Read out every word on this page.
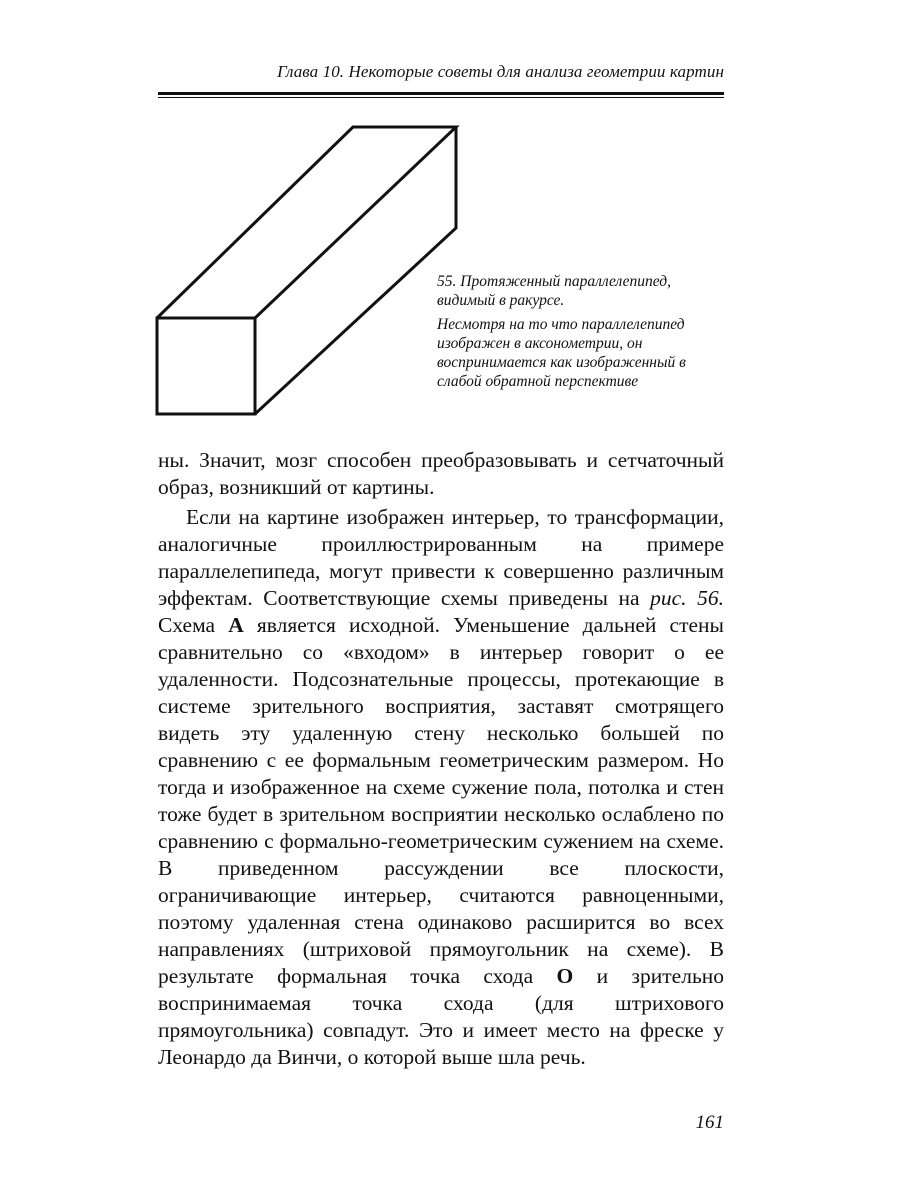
Глава 10. Некоторые советы для анализа геометрии картин

55. Протяженный параллелепипед, видимый в ракурсе.

Несмотря на то что параллелепипед изображен в аксонометрии, он воспринимается как изображенный в слабой обратной перспективе

ны. Значит, мозг способен преобразовывать и сетчаточный образ, возникший от картины.

Если на картине изображен интерьер, то трансформации, аналогичные проиллюстрированным на примере параллелепипеда, могут привести к совершенно различным эффектам. Соответствующие схемы приведены на рис. 56. Схема А является исходной. Уменьшение дальней стены сравнительно со «входом» в интерьер говорит о ее удаленности. Подсознательные процессы, протекающие в системе зрительного восприятия, заставят смотрящего видеть эту удаленную стену несколько большей по сравнению с ее формальным геометрическим размером. Но тогда и изображенное на схеме сужение пола, потолка и стен тоже будет в зрительном восприятии несколько ослаблено по сравнению с формально-геометрическим сужением на схеме. В приведенном рассуждении все плоскости, ограничивающие интерьер, считаются равноценными, поэтому удаленная стена одинаково расширится во всех направлениях (штриховой прямоугольник на схеме). В результате формальная точка схода О и зрительно воспринимаемая точка схода (для штрихового прямоугольника) совпадут. Это и имеет место на фреске у Леонардо да Винчи, о которой выше шла речь.

161
